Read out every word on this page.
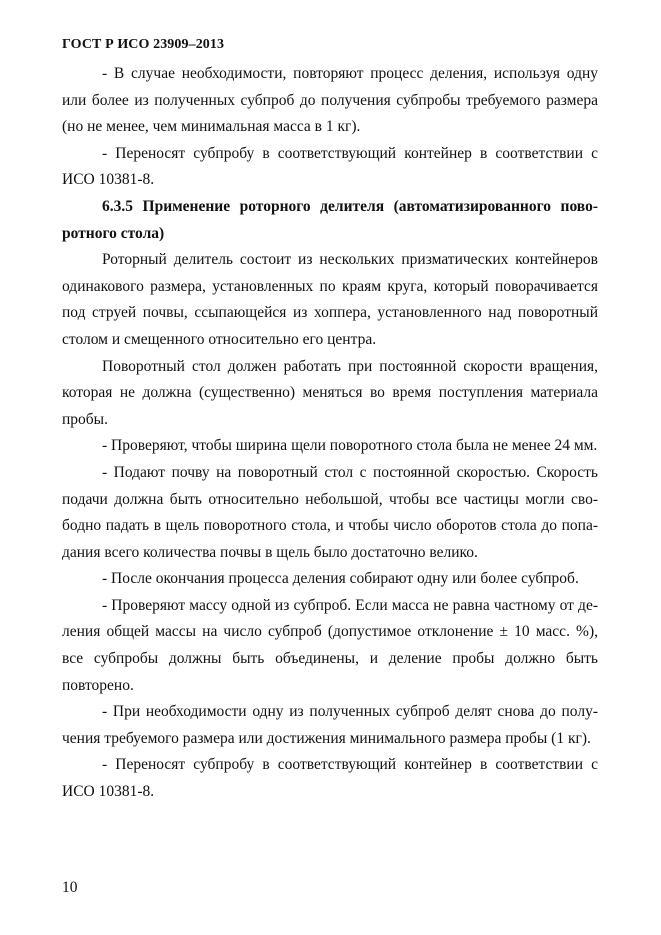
ГОСТ Р ИСО 23909–2013

- В случае необходимости, повторяют процесс деления, используя одну или более из полученных субпроб до получения субпробы требуемого размера (но не менее, чем минимальная масса в 1 кг).

- Переносят субпробу в соответствующий контейнер в соответствии с ИСО 10381-8.

6.3.5 Применение роторного делителя (автоматизированного поворотного стола)

Роторный делитель состоит из нескольких призматических контейнеров одинакового размера, установленных по краям круга, который поворачивается под струей почвы, ссыпающейся из хоппера, установленного над поворотный столом и смещенного относительно его центра.

Поворотный стол должен работать при постоянной скорости вращения, которая не должна (существенно) меняться во время поступления материала пробы.

- Проверяют, чтобы ширина щели поворотного стола была не менее 24 мм.

- Подают почву на поворотный стол с постоянной скоростью. Скорость подачи должна быть относительно небольшой, чтобы все частицы могли свободно падать в щель поворотного стола, и чтобы число оборотов стола до попадания всего количества почвы в щель было достаточно велико.

- После окончания процесса деления собирают одну или более субпроб.

- Проверяют массу одной из субпроб. Если масса не равна частному от деления общей массы на число субпроб (допустимое отклонение ± 10 масс. %), все субпробы должны быть объединены, и деление пробы должно быть повторено.

- При необходимости одну из полученных субпроб делят снова до получения требуемого размера или достижения минимального размера пробы (1 кг).

- Переносят субпробу в соответствующий контейнер в соответствии с ИСО 10381-8.

10
